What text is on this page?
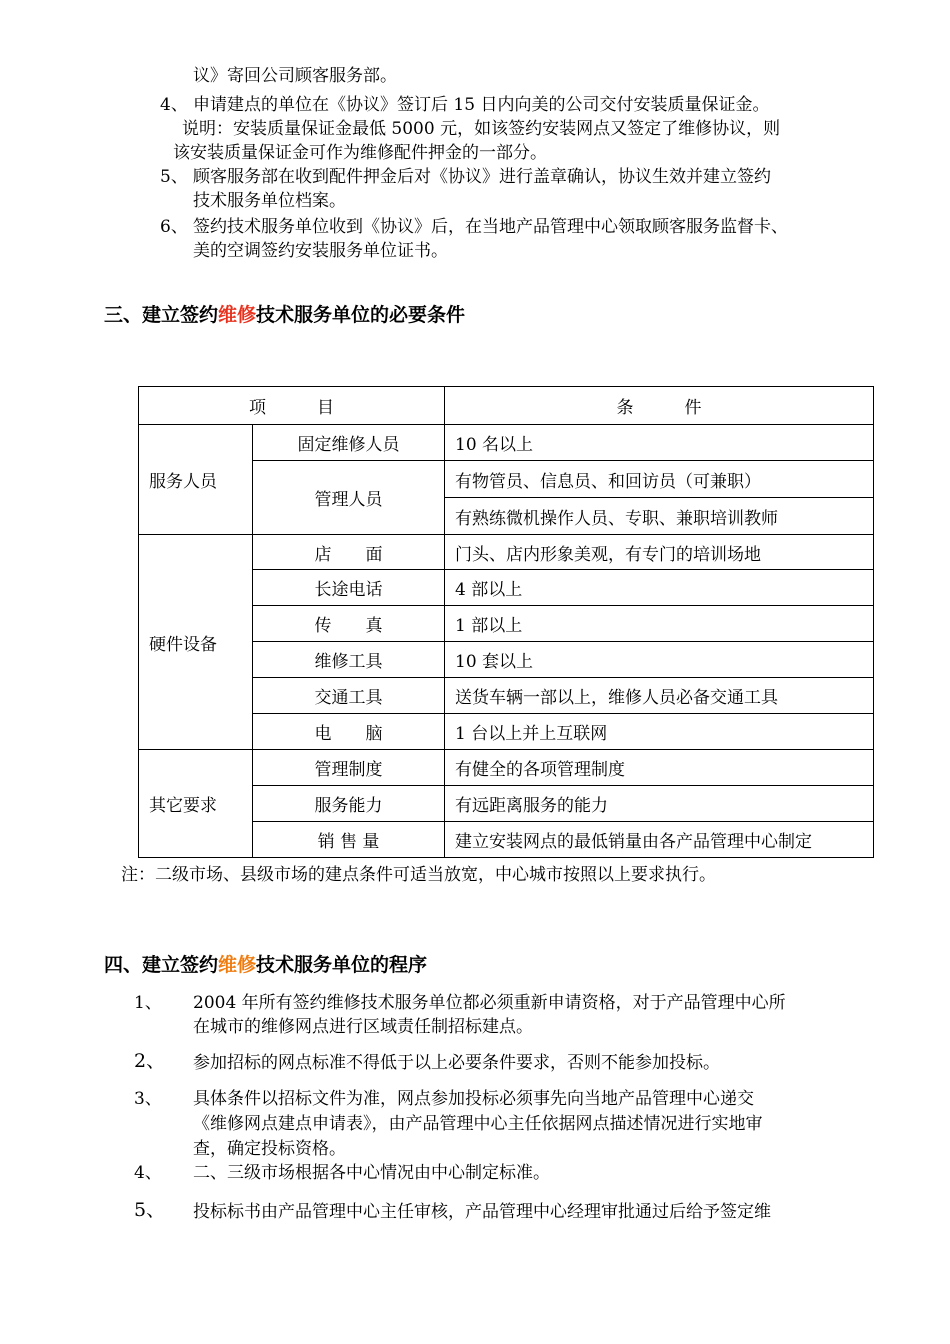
议》寄回公司顾客服务部。
4、 申请建点的单位在《协议》签订后 15 日内向美的公司交付安装质量保证金。
说明：安装质量保证金最低 5000 元，如该签约安装网点又签定了维修协议，则
该安装质量保证金可作为维修配件押金的一部分。
5、 顾客服务部在收到配件押金后对《协议》进行盖章确认，协议生效并建立签约
技术服务单位档案。
6、 签约技术服务单位收到《协议》后，在当地产品管理中心领取顾客服务监督卡、
美的空调签约安装服务单位证书。
三、建立签约维修技术服务单位的必要条件
项　　　目		条　　　件
服务人员	固定维修人员	10 名以上
	管理人员	有物管员、信息员、和回访员（可兼职）
		有熟练微机操作人员、专职、兼职培训教师
硬件设备	店　　面	门头、店内形象美观，有专门的培训场地
	长途电话	4 部以上
	传　　真	1 部以上
	维修工具	10 套以上
	交通工具	送货车辆一部以上，维修人员必备交通工具
	电　　脑	1 台以上并上互联网
其它要求	管理制度	有健全的各项管理制度
	服务能力	有远距离服务的能力
	销 售 量	建立安装网点的最低销量由各产品管理中心制定
注：二级市场、县级市场的建点条件可适当放宽，中心城市按照以上要求执行。
四、建立签约维修技术服务单位的程序
1、 2004 年所有签约维修技术服务单位都必须重新申请资格，对于产品管理中心所
在城市的维修网点进行区域责任制招标建点。
2、 参加招标的网点标准不得低于以上必要条件要求，否则不能参加投标。
3、 具体条件以招标文件为准，网点参加投标必须事先向当地产品管理中心递交
《维修网点建点申请表》，由产品管理中心主任依据网点描述情况进行实地审
查，确定投标资格。
4、 二、三级市场根据各中心情况由中心制定标准。
5、 投标标书由产品管理中心主任审核，产品管理中心经理审批通过后给予签定维
